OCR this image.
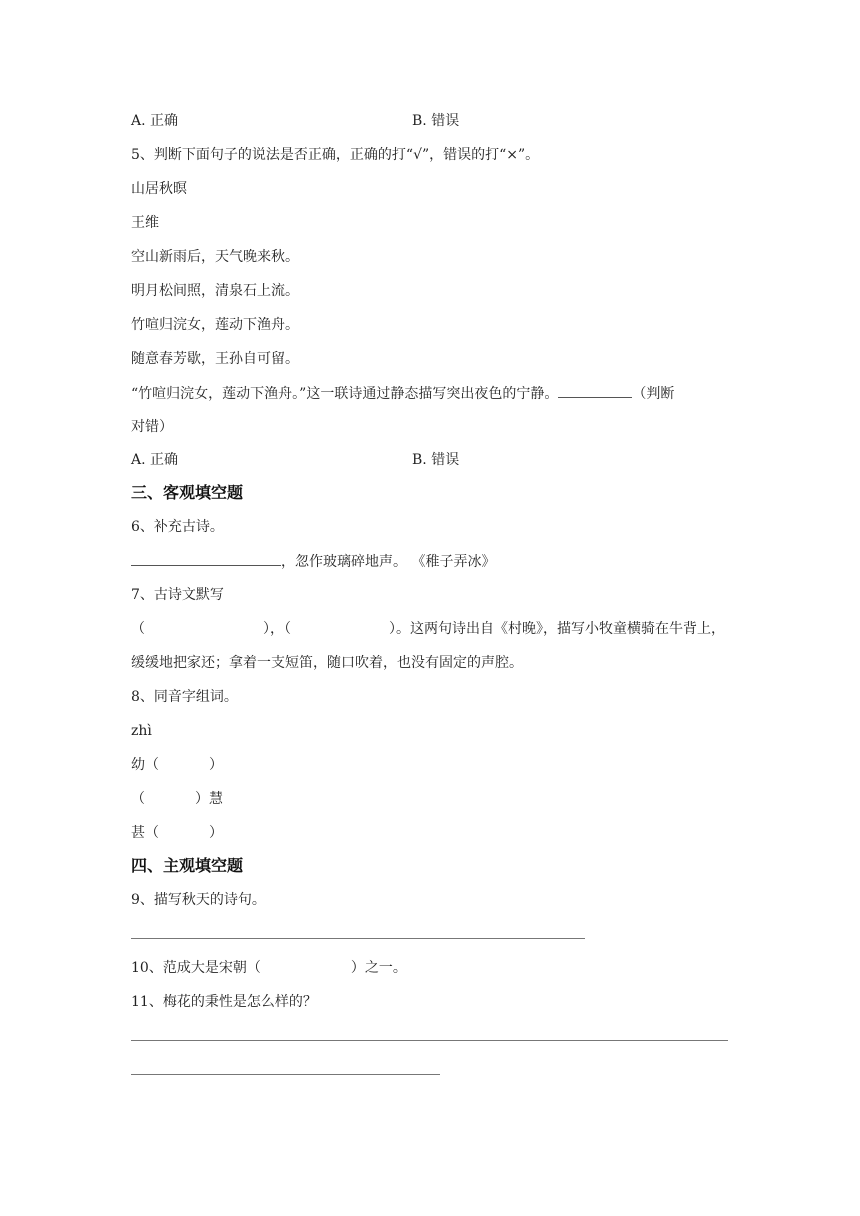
A. 正确	B. 错误
5、判断下面句子的说法是否正确，正确的打“√”，错误的打“×”。
山居秋暝
王维
空山新雨后，天气晚来秋。
明月松间照，清泉石上流。
竹喧归浣女，莲动下渔舟。
随意春芳歇，王孙自可留。
“竹喧归浣女，莲动下渔舟。”这一联诗通过静态描写突出夜色的宁静。	（判断
对错）
A. 正确	B. 错误
三、客观填空题
6、补充古诗。
，忽作玻璃碎地声。 《稚子弄冰》
7、古诗文默写
（	），（	）。这两句诗出自《村晚》，描写小牧童横骑在牛背上，
缓缓地把家还；拿着一支短笛，随口吹着，也没有固定的声腔。
8、同音字组词。
zhì
幼（	）
（	）慧
甚（	）
四、主观填空题
9、描写秋天的诗句。
10、范成大是宋朝（	）之一。
11、梅花的秉性是怎么样的？
